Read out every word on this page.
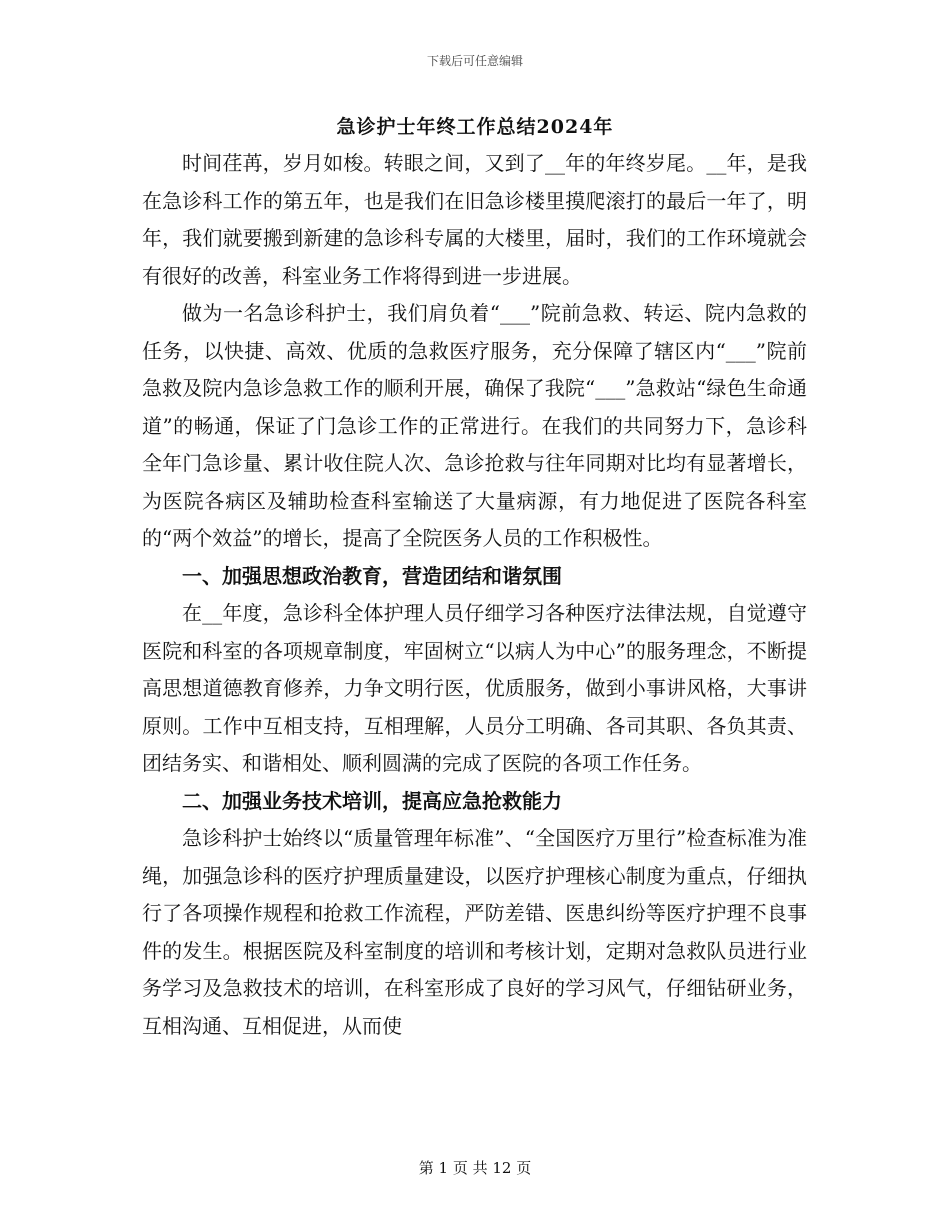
下载后可任意编辑
急诊护士年终工作总结2024年

时间荏苒，岁月如梭。转眼之间，又到了__年的年终岁尾。__年，是我在急诊科工作的第五年，也是我们在旧急诊楼里摸爬滚打的最后一年了，明年，我们就要搬到新建的急诊科专属的大楼里，届时，我们的工作环境就会有很好的改善，科室业务工作将得到进一步进展。

做为一名急诊科护士，我们肩负着“___”院前急救、转运、院内急救的任务，以快捷、高效、优质的急救医疗服务，充分保障了辖区内“___”院前急救及院内急诊急救工作的顺利开展，确保了我院“___”急救站“绿色生命通道”的畅通，保证了门急诊工作的正常进行。在我们的共同努力下，急诊科全年门急诊量、累计收住院人次、急诊抢救与往年同期对比均有显著增长，为医院各病区及辅助检查科室输送了大量病源，有力地促进了医院各科室的“两个效益”的增长，提高了全院医务人员的工作积极性。

一、加强思想政治教育，营造团结和谐氛围

在__年度，急诊科全体护理人员仔细学习各种医疗法律法规，自觉遵守医院和科室的各项规章制度，牢固树立“以病人为中心”的服务理念，不断提高思想道德教育修养，力争文明行医，优质服务，做到小事讲风格，大事讲原则。工作中互相支持，互相理解，人员分工明确、各司其职、各负其责、团结务实、和谐相处、顺利圆满的完成了医院的各项工作任务。

二、加强业务技术培训，提高应急抢救能力

急诊科护士始终以“质量管理年标准”、“全国医疗万里行”检查标准为准绳，加强急诊科的医疗护理质量建设，以医疗护理核心制度为重点，仔细执行了各项操作规程和抢救工作流程，严防差错、医患纠纷等医疗护理不良事件的发生。根据医院及科室制度的培训和考核计划，定期对急救队员进行业务学习及急救技术的培训，在科室形成了良好的学习风气，仔细钻研业务，互相沟通、互相促进，从而使

第 1 页 共 12 页
